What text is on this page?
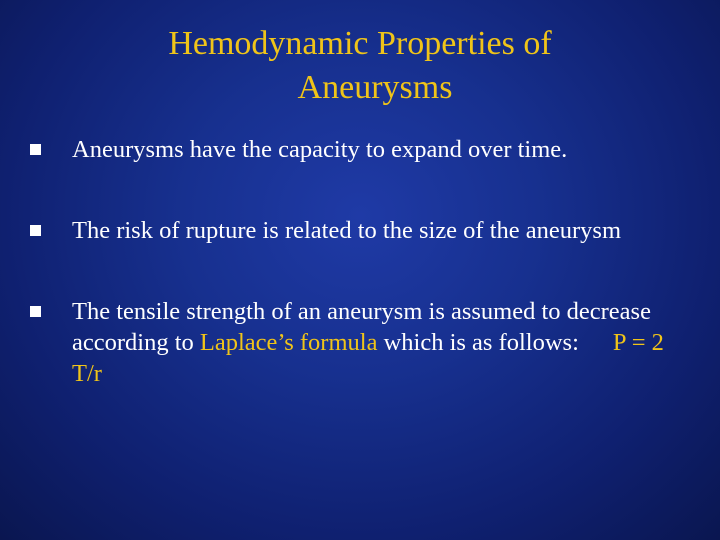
Hemodynamic Properties of
Aneurysms
Aneurysms have the capacity to expand over time.
The risk of rupture is related to the size of the aneurysm
The tensile strength of an aneurysm is assumed to decrease according to Laplace’s formula which is as follows: P = 2 T/r
